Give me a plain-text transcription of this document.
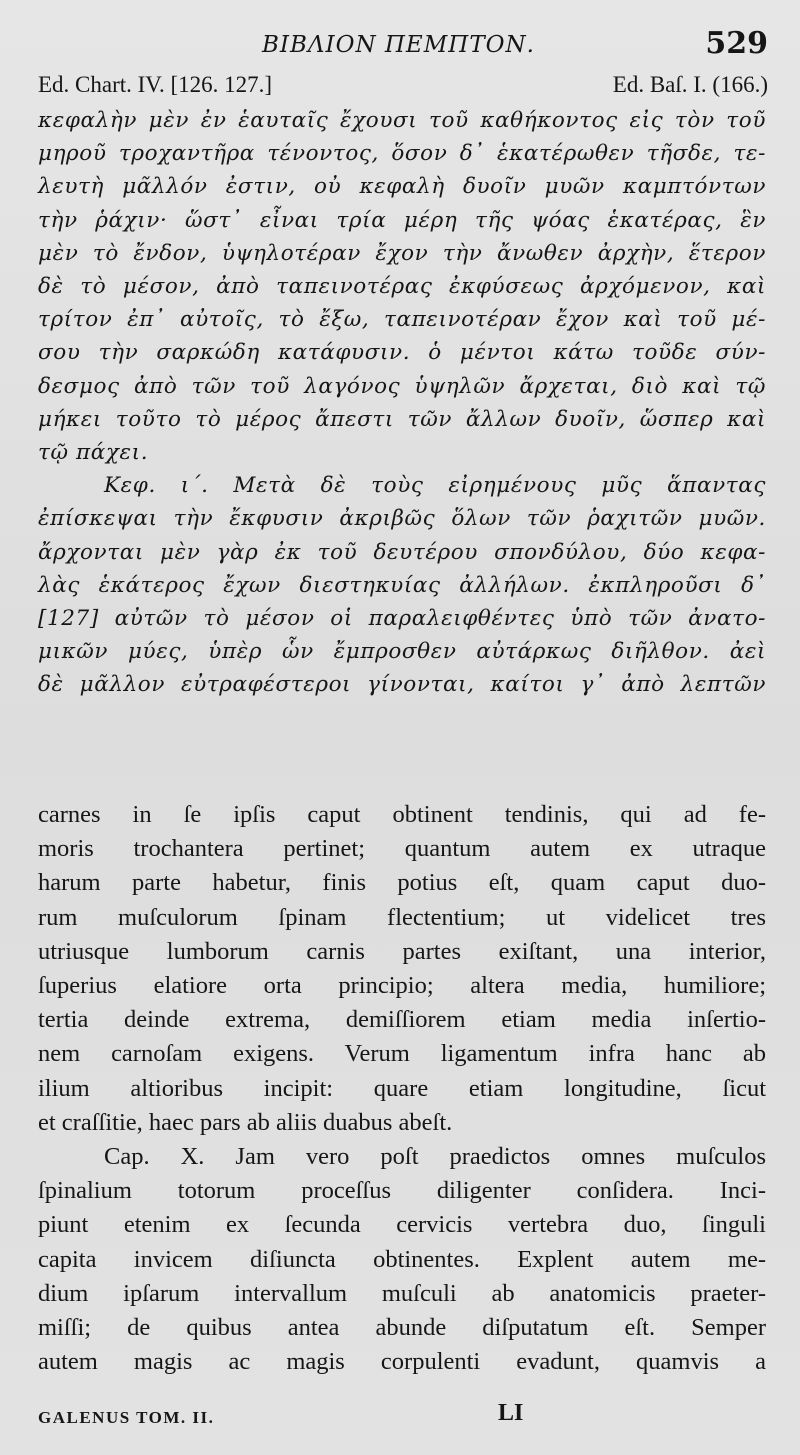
BIBΛΙΟΝ ΠΕΜΠΤΟΝ.	529
Ed. Chart. IV. [126. 127.]	Ed. Baſ. I. (166.)
κεφαλὴν μὲν ἐν ἑαυταῖς ἔχουσι τοῦ καθήκοντος εἰς τὸν τοῦ
μηροῦ τροχαντῆρα τένοντος, ὅσον δ᾽ ἑκατέρωθεν τῆσδε, τε-
λευτὴ μᾶλλόν ἐστιν, οὐ κεφαλὴ δυοῖν μυῶν καμπτόντων
τὴν ῥάχιν· ὥστ᾽ εἶναι τρία μέρη τῆς ψόας ἑκατέρας, ἓν
μὲν τὸ ἔνδον, ὑψηλοτέραν ἔχον τὴν ἄνωθεν ἀρχὴν, ἕτερον
δὲ τὸ μέσον, ἀπὸ ταπεινοτέρας ἐκφύσεως ἀρχόμενον, καὶ
τρίτον ἐπ᾽ αὐτοῖς, τὸ ἔξω, ταπεινοτέραν ἔχον καὶ τοῦ μέ-
σου τὴν σαρκώδη κατάφυσιν. ὁ μέντοι κάτω τοῦδε σύν-
δεσμος ἀπὸ τῶν τοῦ λαγόνος ὑψηλῶν ἄρχεται, διὸ καὶ τῷ
μήκει τοῦτο τὸ μέρος ἄπεστι τῶν ἄλλων δυοῖν, ὥσπερ καὶ
τῷ πάχει.
Κεφ. ι΄. Μετὰ δὲ τοὺς εἰρημένους μῦς ἅπαντας
ἐπίσκεψαι τὴν ἔκφυσιν ἀκριβῶς ὅλων τῶν ῥαχιτῶν μυῶν.
ἄρχονται μὲν γὰρ ἐκ τοῦ δευτέρου σπονδύλου, δύο κεφα-
λὰς ἑκάτερος ἔχων διεστηκυίας ἀλλήλων. ἐκπληροῦσι δ᾽
[127] αὐτῶν τὸ μέσον οἱ παραλειφθέντες ὑπὸ τῶν ἀνατο-
μικῶν μύες, ὑπὲρ ὧν ἔμπροσθεν αὐτάρκως διῆλθον. ἀεὶ
δὲ μᾶλλον εὐτραφέστεροι γίνονται, καίτοι γ᾽ ἀπὸ λεπτῶν
carnes in ſe ipſis caput obtinent tendinis, qui ad fe-
moris trochantera pertinet; quantum autem ex utraque
harum parte habetur, finis potius eſt, quam caput duo-
rum muſculorum ſpinam flectentium; ut videlicet tres
utriusque lumborum carnis partes exiſtant, una interior,
ſuperius elatiore orta principio; altera media, humiliore;
tertia deinde extrema, demiſſiorem etiam media inſertio-
nem carnoſam exigens. Verum ligamentum infra hanc ab
ilium altioribus incipit: quare etiam longitudine, ſicut
et craſſitie, haec pars ab aliis duabus abeſt.
Cap. X. Jam vero poſt praedictos omnes muſculos
ſpinalium totorum proceſſus diligenter conſidera. Inci-
piunt etenim ex ſecunda cervicis vertebra duo, ſinguli
capita invicem diſiuncta obtinentes. Explent autem me-
dium ipſarum intervallum muſculi ab anatomicis praeter-
miſſi; de quibus antea abunde diſputatum eſt. Semper
autem magis ac magis corpulenti evadunt, quamvis a
GALENUS TOM. II.	LI
